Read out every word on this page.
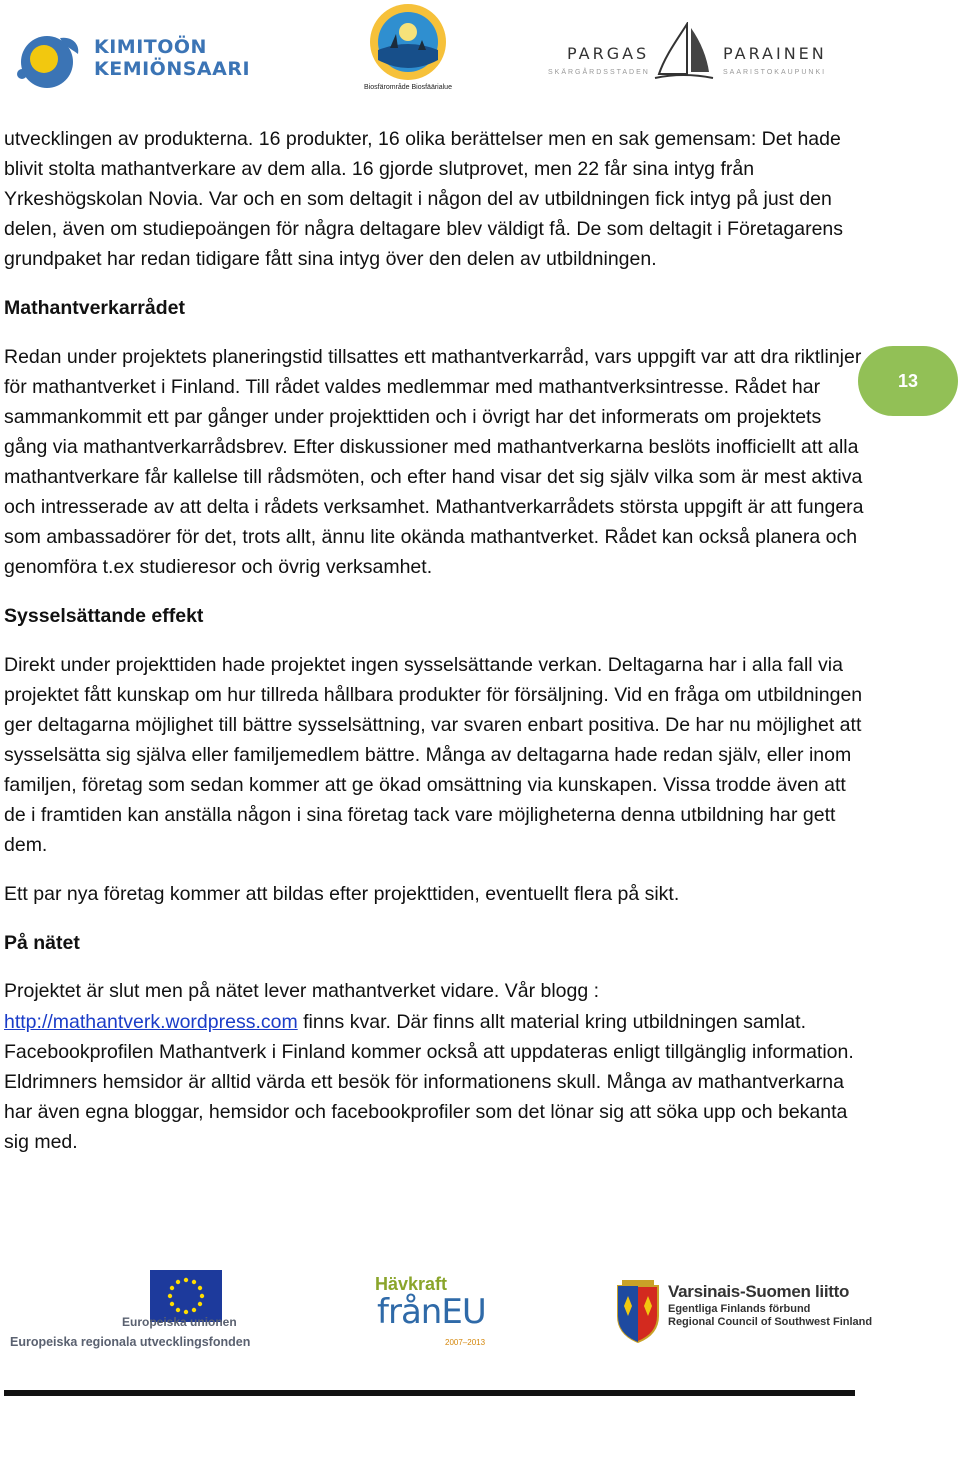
KIMITOÖN
KEMIÖNSAARI
Biosfärområde Biosfäärialue
PARGAS
SKÄRGÅRDSSTADEN
PARAINEN
SAARISTOKAUPUNKI

utvecklingen av produkterna. 16 produkter, 16 olika berättelser men en sak gemensam: Det hade blivit stolta mathantverkare av dem alla. 16 gjorde slutprovet, men 22 får sina intyg från Yrkeshögskolan Novia. Var och en som deltagit i någon del av utbildningen fick intyg på just den delen, även om studiepoängen för några deltagare blev väldigt få. De som deltagit i Företagarens grundpaket har redan tidigare fått sina intyg över den delen av utbildningen.

Mathantverkarrådet

Redan under projektets planeringstid tillsattes ett mathantverkarråd, vars uppgift var att dra riktlinjer för mathantverket i Finland. Till rådet valdes medlemmar med mathantverksintresse. Rådet har sammankommit ett par gånger under projekttiden och i övrigt har det informerats om projektets gång via mathantverkarrådsbrev. Efter diskussioner med mathantverkarna beslöts inofficiellt att alla mathantverkare får kallelse till rådsmöten, och efter hand visar det sig själv vilka som är mest aktiva och intresserade av att delta i rådets verksamhet. Mathantverkarrådets största uppgift är att fungera som ambassadörer för det, trots allt, ännu lite okända mathantverket. Rådet kan också planera och genomföra t.ex studieresor och övrig verksamhet.

Sysselsättande effekt

Direkt under projekttiden hade projektet ingen sysselsättande verkan. Deltagarna har i alla fall via projektet fått kunskap om hur tillreda hållbara produkter för försäljning. Vid en fråga om utbildningen ger deltagarna möjlighet till bättre sysselsättning, var svaren enbart positiva. De har nu möjlighet att sysselsätta sig själva eller familjemedlem bättre. Många av deltagarna hade redan själv, eller inom familjen, företag som sedan kommer att ge ökad omsättning via kunskapen. Vissa trodde även att de i framtiden kan anställa någon i sina företag tack vare möjligheterna denna utbildning har gett dem.

Ett par nya företag kommer att bildas efter projekttiden, eventuellt flera på sikt.

På nätet

Projektet är slut men på nätet lever mathantverket vidare. Vår blogg :
http://mathantverk.wordpress.com finns kvar. Där finns allt material kring utbildningen samlat. Facebookprofilen Mathantverk i Finland kommer också att uppdateras enligt tillgänglig information. Eldrimners hemsidor är alltid värda ett besök för informationens skull. Många av mathantverkarna har även egna bloggar, hemsidor och facebookprofiler som det lönar sig att söka upp och bekanta sig med.

13
Europeiska unionen
Europeiska regionala utvecklingsfonden
Hävkraft
frånEU
2007–2013
Varsinais-Suomen liitto
Egentliga Finlands förbund
Regional Council of Southwest Finland
